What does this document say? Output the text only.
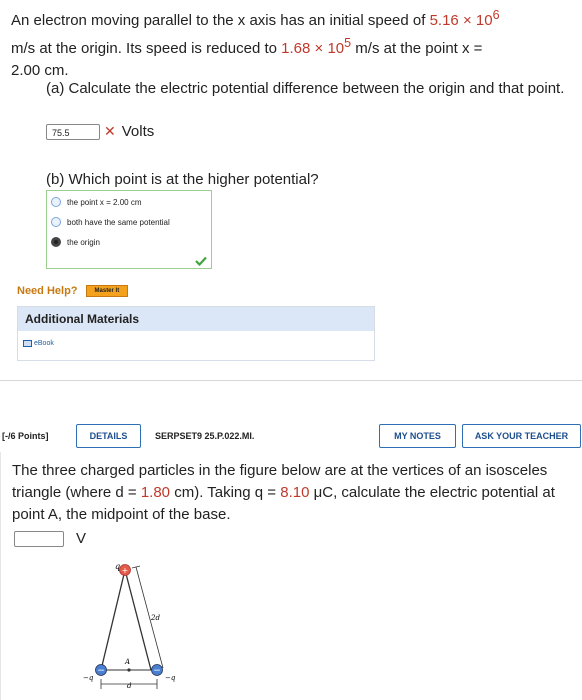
An electron moving parallel to the x axis has an initial speed of $5.16 \times 10^6$
m/s at the origin. Its speed is reduced to $1.68 \times 10^5$ m/s at the point x =
2.00 cm.
(a) Calculate the electric potential difference between the origin and that point.
75.5	✕ Volts
(b) Which point is at the higher potential?
the point x = 2.00 cm
both have the same potential
the origin
Need Help?	Master It
Additional Materials
eBook
[-/6 Points]	DETAILS	SERPSET9 25.P.022.MI.	MY NOTES	ASK YOUR TEACHER
The three charged particles in the figure below are at the vertices of an isosceles triangle (where d = 1.80 cm). Taking q = 8.10 μC, calculate the electric potential at point A, the midpoint of the base.
V
+
−	−
q
2d
A
−q	−q
d
